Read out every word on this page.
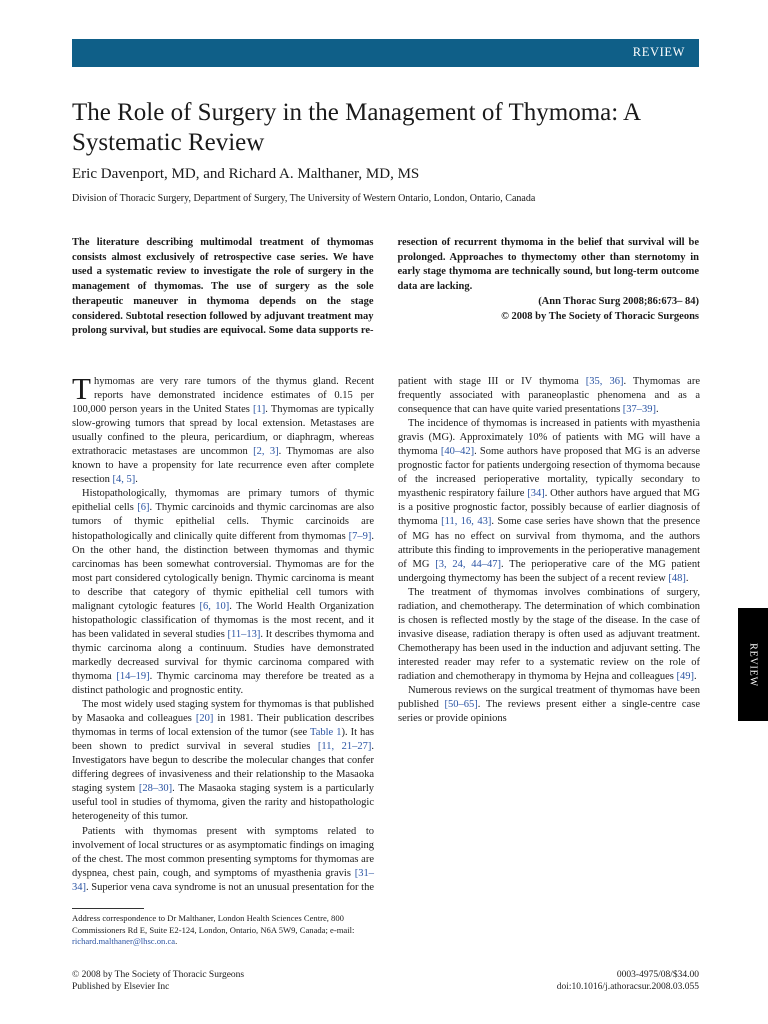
REVIEW
The Role of Surgery in the Management of Thymoma: A Systematic Review
Eric Davenport, MD, and Richard A. Malthaner, MD, MS
Division of Thoracic Surgery, Department of Surgery, The University of Western Ontario, London, Ontario, Canada

The literature describing multimodal treatment of thymomas consists almost exclusively of retrospective case series. We have used a systematic review to investigate the role of surgery in the management of thymomas. The use of surgery as the sole therapeutic maneuver in thymoma depends on the stage considered. Subtotal resection followed by adjuvant treatment may prolong survival, but studies are equivocal. Some data supports re-resection of recurrent thymoma in the belief that survival will be prolonged. Approaches to thymectomy other than sternotomy in early stage thymoma are technically sound, but long-term outcome data are lacking.

(Ann Thorac Surg 2008;86:673– 84)
© 2008 by The Society of Thoracic Surgeons

Thymomas are very rare tumors of the thymus gland. Recent reports have demonstrated incidence estimates of 0.15 per 100,000 person years in the United States [1]. Thymomas are typically slow-growing tumors that spread by local extension. Metastases are usually confined to the pleura, pericardium, or diaphragm, whereas extrathoracic metastases are uncommon [2, 3]. Thymomas are also known to have a propensity for late recurrence even after complete resection [4, 5].

Histopathologically, thymomas are primary tumors of thymic epithelial cells [6]. Thymic carcinoids and thymic carcinomas are also tumors of thymic epithelial cells. Thymic carcinoids are histopathologically and clinically quite different from thymomas [7–9]. On the other hand, the distinction between thymomas and thymic carcinomas has been somewhat controversial. Thymomas are for the most part considered cytologically benign. Thymic carcinoma is meant to describe that category of thymic epithelial cell tumors with malignant cytologic features [6, 10]. The World Health Organization histopathologic classification of thymomas is the most recent, and it has been validated in several studies [11–13]. It describes thymoma and thymic carcinoma along a continuum. Studies have demonstrated markedly decreased survival for thymic carcinoma compared with thymoma [14–19]. Thymic carcinoma may therefore be treated as a distinct pathologic and prognostic entity.

The most widely used staging system for thymomas is that published by Masaoka and colleagues [20] in 1981. Their publication describes thymomas in terms of local extension of the tumor (see Table 1). It has been shown to predict survival in several studies [11, 21–27]. Investigators have begun to describe the molecular changes that confer differing degrees of invasiveness and their relationship to the Masaoka staging system [28–30]. The Masaoka staging system is a particularly useful tool in studies of thymoma, given the rarity and histopathologic heterogeneity of this tumor.

Patients with thymomas present with symptoms related to involvement of local structures or as asymptomatic findings on imaging of the chest. The most common presenting symptoms for thymomas are dyspnea, chest pain, cough, and symptoms of myasthenia gravis [31–34]. Superior vena cava syndrome is not an unusual presentation for the patient with stage III or IV thymoma [35, 36]. Thymomas are frequently associated with paraneoplastic phenomena and as a consequence that can have quite varied presentations [37–39].

The incidence of thymomas is increased in patients with myasthenia gravis (MG). Approximately 10% of patients with MG will have a thymoma [40–42]. Some authors have proposed that MG is an adverse prognostic factor for patients undergoing resection of thymoma because of the increased perioperative mortality, typically secondary to myasthenic respiratory failure [34]. Other authors have argued that MG is a positive prognostic factor, possibly because of earlier diagnosis of thymoma [11, 16, 43]. Some case series have shown that the presence of MG has no effect on survival from thymoma, and the authors attribute this finding to improvements in the perioperative management of MG [3, 24, 44–47]. The perioperative care of the MG patient undergoing thymectomy has been the subject of a recent review [48].

The treatment of thymomas involves combinations of surgery, radiation, and chemotherapy. The determination of which combination is chosen is reflected mostly by the stage of the disease. In the case of invasive disease, radiation therapy is often used as adjuvant treatment. Chemotherapy has been used in the induction and adjuvant setting. The interested reader may refer to a systematic review on the role of radiation and chemotherapy in thymoma by Hejna and colleagues [49].

Numerous reviews on the surgical treatment of thymomas have been published [50–65]. The reviews present either a single-centre case series or provide opinions

Address correspondence to Dr Malthaner, London Health Sciences Centre, 800 Commissioners Rd E, Suite E2-124, London, Ontario, N6A 5W9, Canada; e-mail: richard.malthaner@lhsc.on.ca.
© 2008 by The Society of Thoracic Surgeons
Published by Elsevier Inc
0003-4975/08/$34.00
doi:10.1016/j.athoracsur.2008.03.055
REVIEW
